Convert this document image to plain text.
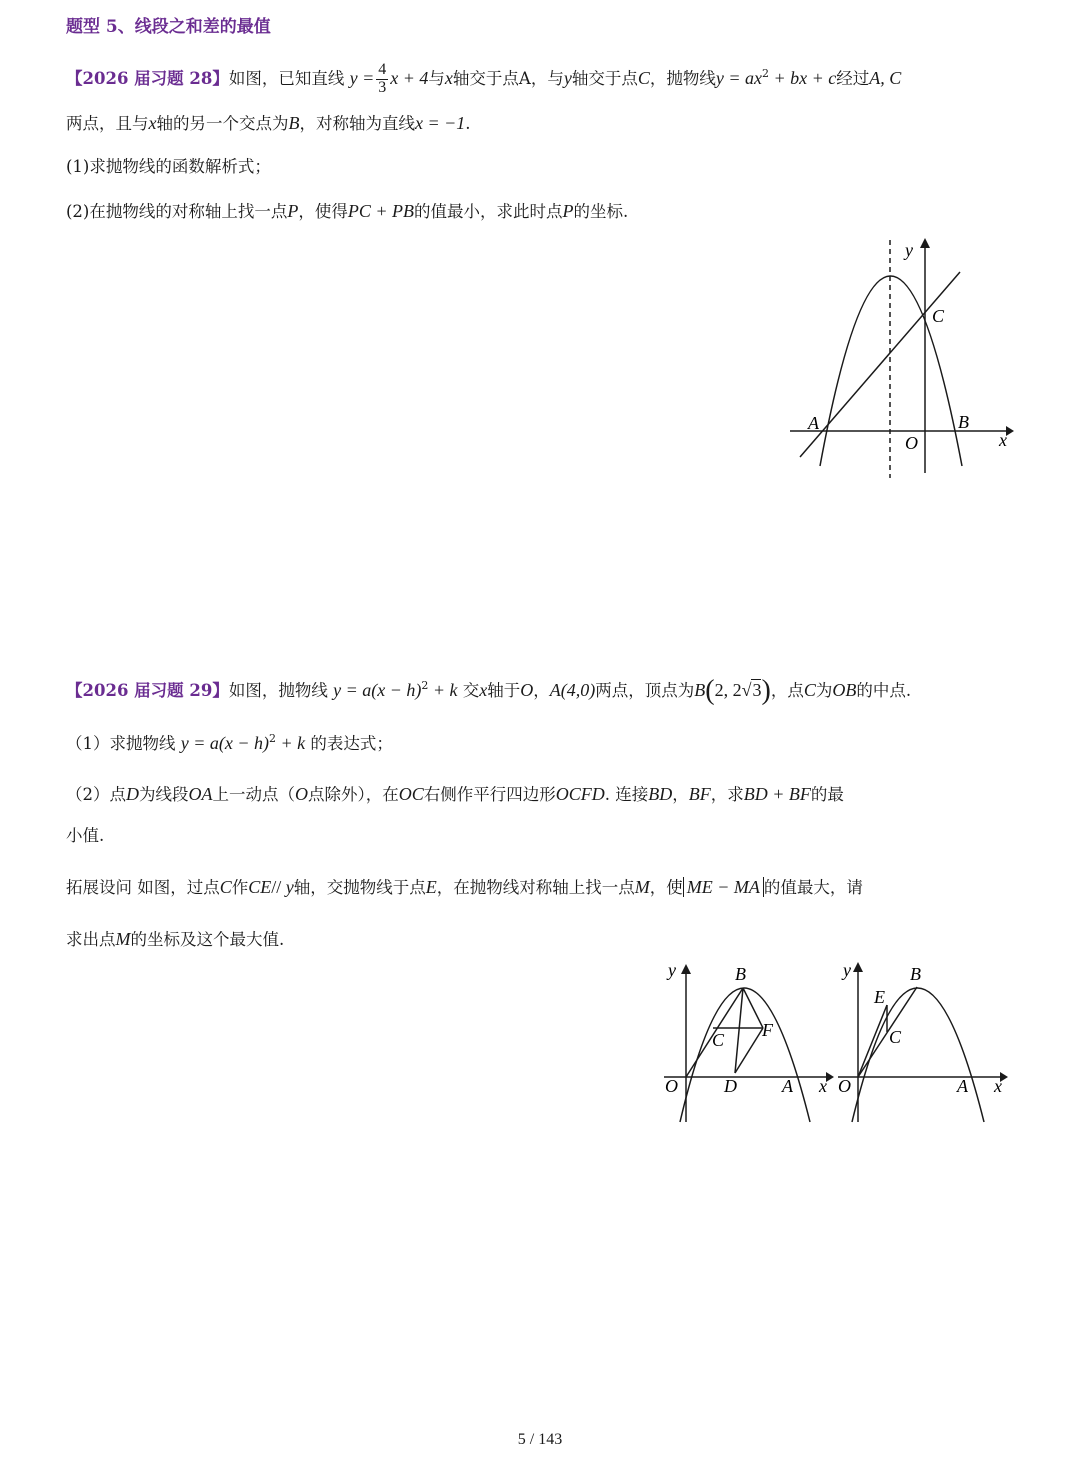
题型 5、线段之和差的最值
【2026 届习题 28】如图，已知直线 $y = \frac{4}{3}$ x + 4与x轴交于点A，与y轴交于点C，抛物线$y = ax^2$ + bx + c经过A, C
两点，且与x轴的另一个交点为B，对称轴为直线x = −1.
(1)求抛物线的函数解析式；
(2)在抛物线的对称轴上找一点P，使得PC + PB的值最小，求此时点P的坐标.
y
x
C
A	B
O
【2026 届习题 29】如图，抛物线 $y = a(x - h)^2 + k$ 交x轴于O，A(4,0)两点，顶点为B(2, 2√3)，点C为OB的中点.
（1）求抛物线 $y = a(x - h)^2 + k$ 的表达式；
（2）点D为线段OA上一动点（O点除外），在OC右侧作平行四边形OCFD. 连接BD，BF，求BD + BF的最
小值.
拓展设问 如图，过点C作CE// y轴，交抛物线于点E，在抛物线对称轴上找一点M，使 ME − MA 的值最大，请
求出点M的坐标及这个最大值.
y
x
B
F
C
O	D	A
y
x
B
E
C
O	A
5 / 143
